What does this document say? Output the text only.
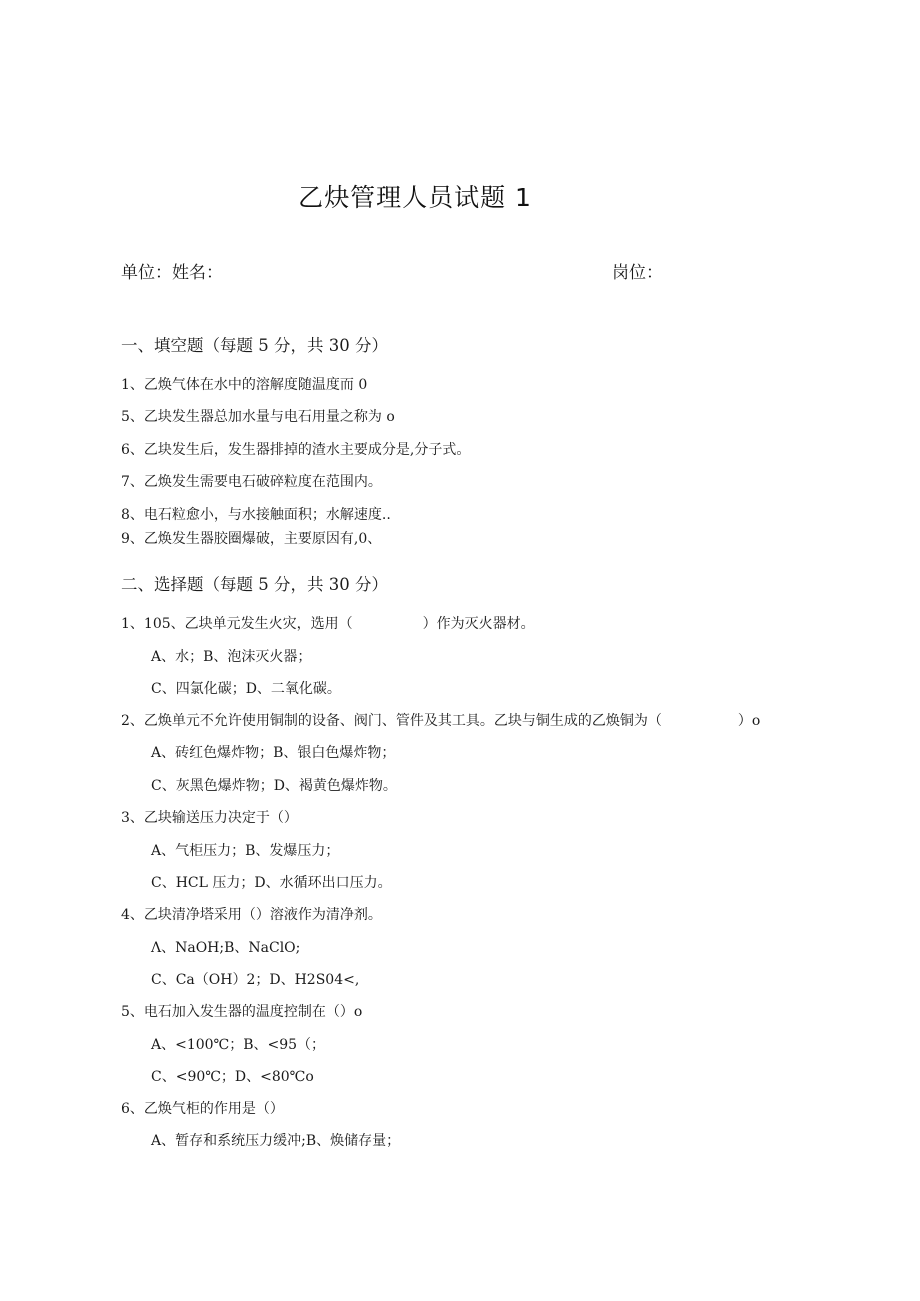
乙炔管理人员试题 1
单位：姓名：	岗位：
一、填空题（每题 5 分，共 30 分）
1、乙焕气体在水中的溶解度随温度而 0
5、乙块发生器总加水量与电石用量之称为 o
6、乙块发生后，发生器排掉的渣水主要成分是,分子式。
7、乙焕发生需要电石破碎粒度在范围内。
8、电石粒愈小，与水接触面积；水解速度..
9、乙焕发生器胶圈爆破，主要原因有,0、
二、选择题（每题 5 分，共 30 分）
1、105、乙块单元发生火灾，选用（	）作为灭火器材。
A、水；B、泡沫灭火器；
C、四氯化碳；D、二氧化碳。
2、乙焕单元不允许使用铜制的设备、阀门、管件及其工具。乙块与铜生成的乙焕铜为（	）o
A、砖红色爆炸物；B、银白色爆炸物；
C、灰黑色爆炸物；D、褐黄色爆炸物。
3、乙块输送压力决定于（）
A、气柜压力；B、发爆压力；
C、HCL 压力；D、水循环出口压力。
4、乙块清净塔采用（）溶液作为清净剂。
Λ、NaOH;B、NaClO;
C、Ca（OH）2；D、H2S04<,
5、电石加入发生器的温度控制在（）o
A、<100℃；B、<95（；
C、<90℃；D、<80℃o
6、乙焕气柜的作用是（）
A、暂存和系统压力缓冲;B、焕储存量；
